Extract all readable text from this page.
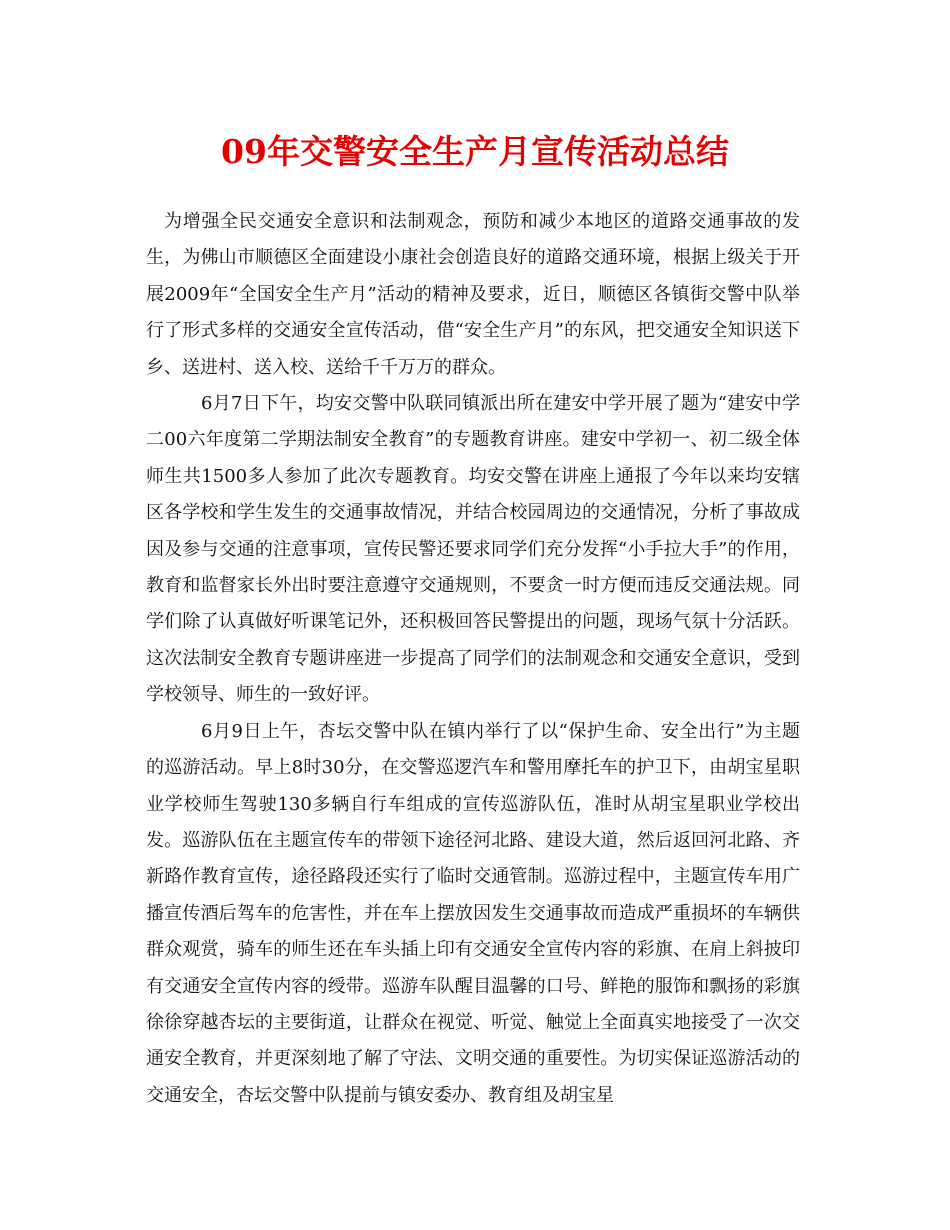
09年交警安全生产月宣传活动总结

为增强全民交通安全意识和法制观念，预防和减少本地区的道路交通事故的发生，为佛山市顺德区全面建设小康社会创造良好的道路交通环境，根据上级关于开展2009年“全国安全生产月”活动的精神及要求，近日，顺德区各镇街交警中队举行了形式多样的交通安全宣传活动，借“安全生产月”的东风，把交通安全知识送下乡、送进村、送入校、送给千千万万的群众。

6月7日下午，均安交警中队联同镇派出所在建安中学开展了题为“建安中学二00六年度第二学期法制安全教育”的专题教育讲座。建安中学初一、初二级全体师生共1500多人参加了此次专题教育。均安交警在讲座上通报了今年以来均安辖区各学校和学生发生的交通事故情况，并结合校园周边的交通情况，分析了事故成因及参与交通的注意事项，宣传民警还要求同学们充分发挥“小手拉大手”的作用，教育和监督家长外出时要注意遵守交通规则，不要贪一时方便而违反交通法规。同学们除了认真做好听课笔记外，还积极回答民警提出的问题，现场气氛十分活跃。这次法制安全教育专题讲座进一步提高了同学们的法制观念和交通安全意识，受到学校领导、师生的一致好评。

6月9日上午，杏坛交警中队在镇内举行了以“保护生命、安全出行”为主题的巡游活动。早上8时30分，在交警巡逻汽车和警用摩托车的护卫下，由胡宝星职业学校师生驾驶130多辆自行车组成的宣传巡游队伍，准时从胡宝星职业学校出发。巡游队伍在主题宣传车的带领下途径河北路、建设大道，然后返回河北路、齐新路作教育宣传，途径路段还实行了临时交通管制。巡游过程中，主题宣传车用广播宣传酒后驾车的危害性，并在车上摆放因发生交通事故而造成严重损坏的车辆供群众观赏，骑车的师生还在车头插上印有交通安全宣传内容的彩旗、在肩上斜披印有交通安全宣传内容的绶带。巡游车队醒目温馨的口号、鲜艳的服饰和飘扬的彩旗徐徐穿越杏坛的主要街道，让群众在视觉、听觉、触觉上全面真实地接受了一次交通安全教育，并更深刻地了解了守法、文明交通的重要性。为切实保证巡游活动的交通安全，杏坛交警中队提前与镇安委办、教育组及胡宝星
